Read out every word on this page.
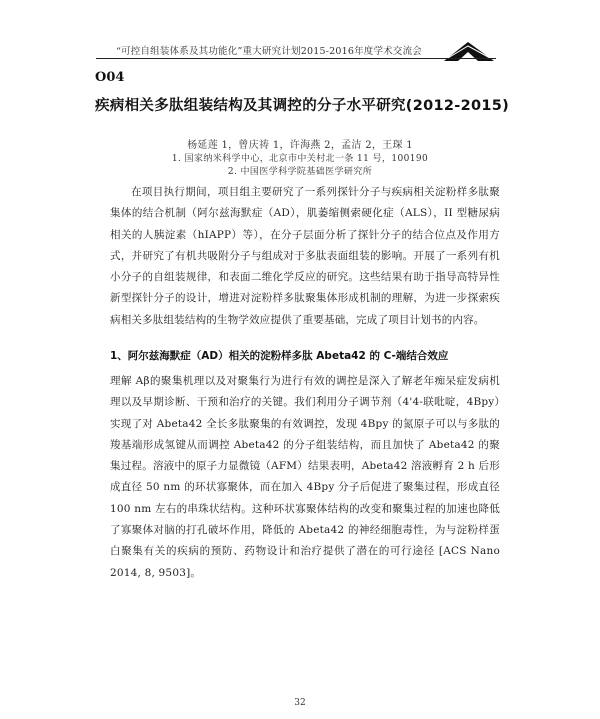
“可控自组装体系及其功能化”重大研究计划2015-2016年度学术交流会
O04
疾病相关多肽组装结构及其调控的分子水平研究(2012-2015)
杨延莲 1，曾庆祷 1，许海燕 2，孟洁 2，王琛 1
1. 国家纳米科学中心，北京市中关村北一条 11 号，100190
2. 中国医学科学院基础医学研究所
在项目执行期间，项目组主要研究了一系列探针分子与疾病相关淀粉样多肽聚集体的结合机制（阿尔兹海默症（AD），肌萎缩侧索硬化症（ALS），II 型糖尿病相关的人胰淀素（hIAPP）等），在分子层面分析了探针分子的结合位点及作用方式，并研究了有机共吸附分子与组成对于多肽表面组装的影响。开展了一系列有机小分子的自组装规律，和表面二维化学反应的研究。这些结果有助于指导高特异性新型探针分子的设计，增进对淀粉样多肽聚集体形成机制的理解，为进一步探索疾病相关多肽组装结构的生物学效应提供了重要基础，完成了项目计划书的内容。
1、阿尔兹海默症（AD）相关的淀粉样多肽 Abeta42 的 C-端结合效应
理解 Aβ的聚集机理以及对聚集行为进行有效的调控是深入了解老年痴呆症发病机理以及早期诊断、干预和治疗的关键。我们利用分子调节剂（4'4-联吡啶，4Bpy）实现了对 Abeta42 全长多肽聚集的有效调控，发现 4Bpy 的氮原子可以与多肽的羧基端形成氢键从而调控 Abeta42 的分子组装结构，而且加快了 Abeta42 的聚集过程。溶液中的原子力显微镜（AFM）结果表明，Abeta42 溶液孵育 2 h 后形成直径 50 nm 的环状寡聚体，而在加入 4Bpy 分子后促进了聚集过程，形成直径 100 nm 左右的串珠状结构。这种环状寡聚体结构的改变和聚集过程的加速也降低了寡聚体对脑的打孔破坏作用，降低的 Abeta42 的神经细胞毒性，为与淀粉样蛋白聚集有关的疾病的预防、药物设计和治疗提供了潜在的可行途径 [ACS Nano 2014, 8, 9503]。
32
